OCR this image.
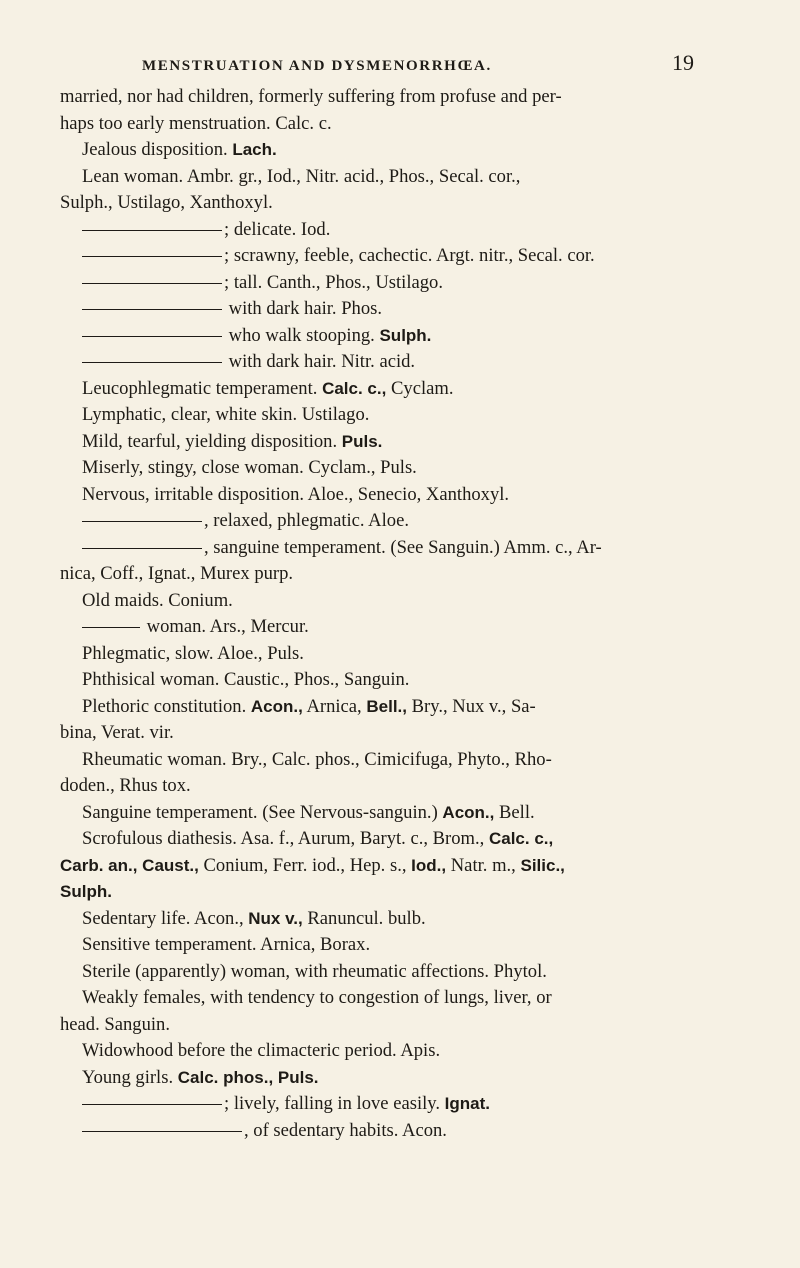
MENSTRUATION AND DYSMENORRHŒA.	19
married, nor had children, formerly suffering from profuse and per-
haps too early menstruation. Calc. c.
Jealous disposition. Lach.
Lean woman. Ambr. gr., Iod., Nitr. acid., Phos., Secal. cor.,
Sulph., Ustilago, Xanthoxyl.
; delicate. Iod.
; scrawny, feeble, cachectic. Argt. nitr., Secal. cor.
; tall. Canth., Phos., Ustilago.
with dark hair. Phos.
who walk stooping. Sulph.
with dark hair. Nitr. acid.
Leucophlegmatic temperament. Calc. c., Cyclam.
Lymphatic, clear, white skin. Ustilago.
Mild, tearful, yielding disposition. Puls.
Miserly, stingy, close woman. Cyclam., Puls.
Nervous, irritable disposition. Aloe., Senecio, Xanthoxyl.
, relaxed, phlegmatic. Aloe.
, sanguine temperament. (See Sanguin.) Amm. c., Ar-
nica, Coff., Ignat., Murex purp.
Old maids. Conium.
woman. Ars., Mercur.
Phlegmatic, slow. Aloe., Puls.
Phthisical woman. Caustic., Phos., Sanguin.
Plethoric constitution. Acon., Arnica, Bell., Bry., Nux v., Sa-
bina, Verat. vir.
Rheumatic woman. Bry., Calc. phos., Cimicifuga, Phyto., Rho-
doden., Rhus tox.
Sanguine temperament. (See Nervous-sanguin.) Acon., Bell.
Scrofulous diathesis. Asa. f., Aurum, Baryt. c., Brom., Calc. c.,
Carb. an., Caust., Conium, Ferr. iod., Hep. s., Iod., Natr. m., Silic.,
Sulph.
Sedentary life. Acon., Nux v., Ranuncul. bulb.
Sensitive temperament. Arnica, Borax.
Sterile (apparently) woman, with rheumatic affections. Phytol.
Weakly females, with tendency to congestion of lungs, liver, or
head. Sanguin.
Widowhood before the climacteric period. Apis.
Young girls. Calc. phos., Puls.
; lively, falling in love easily. Ignat.
, of sedentary habits. Acon.
